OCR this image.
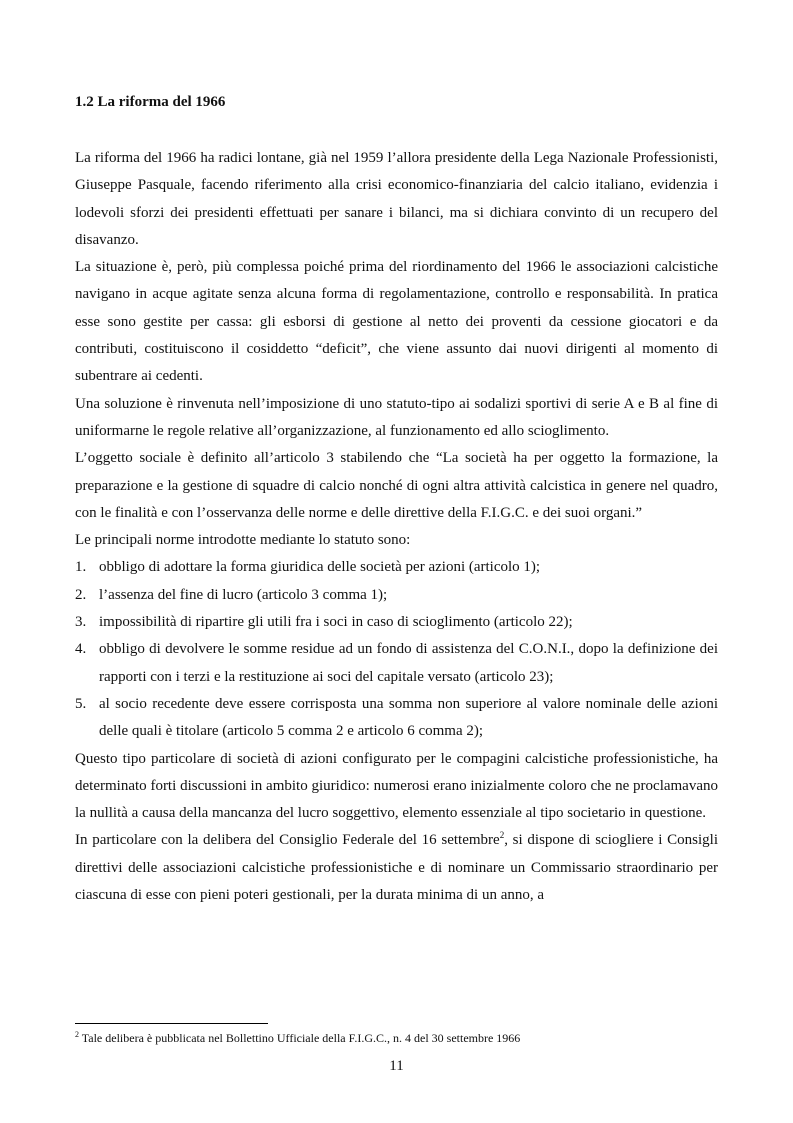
1.2 La riforma del 1966

La riforma del 1966 ha radici lontane, già nel 1959 l’allora presidente della Lega Nazionale Professionisti, Giuseppe Pasquale, facendo riferimento alla crisi economico-finanziaria del calcio italiano, evidenzia i lodevoli sforzi dei presidenti effettuati per sanare i bilanci, ma si dichiara convinto di un recupero del disavanzo.

La situazione è, però, più complessa poiché prima del riordinamento del 1966 le associazioni calcistiche navigano in acque agitate senza alcuna forma di regolamentazione, controllo e responsabilità. In pratica esse sono gestite per cassa: gli esborsi di gestione al netto dei proventi da cessione giocatori e da contributi, costituiscono il cosiddetto “deficit”, che viene assunto dai nuovi dirigenti al momento di subentrare ai cedenti.

Una soluzione è rinvenuta nell’imposizione di uno statuto-tipo ai sodalizi sportivi di serie A e B al fine di uniformarne le regole relative all’organizzazione, al funzionamento ed allo scioglimento.

L’oggetto sociale è definito all’articolo 3 stabilendo che “La società ha per oggetto la formazione, la preparazione e la gestione di squadre di calcio nonché di ogni altra attività calcistica in genere nel quadro, con le finalità e con l’osservanza delle norme e delle direttive della F.I.G.C. e dei suoi organi.”

Le principali norme introdotte mediante lo statuto sono:

1. obbligo di adottare la forma giuridica delle società per azioni (articolo 1);
2. l’assenza del fine di lucro (articolo 3 comma 1);
3. impossibilità di ripartire gli utili fra i soci in caso di scioglimento (articolo 22);
4. obbligo di devolvere le somme residue ad un fondo di assistenza del C.O.N.I., dopo la definizione dei rapporti con i terzi e la restituzione ai soci del capitale versato (articolo 23);
5. al socio recedente deve essere corrisposta una somma non superiore al valore nominale delle azioni delle quali è titolare (articolo 5 comma 2 e articolo 6 comma 2);

Questo tipo particolare di società di azioni configurato per le compagini calcistiche professionistiche, ha determinato forti discussioni in ambito giuridico: numerosi erano inizialmente coloro che ne proclamavano la nullità a causa della mancanza del lucro soggettivo, elemento essenziale al tipo societario in questione.

In particolare con la delibera del Consiglio Federale del 16 settembre$^2$, si dispone di sciogliere i Consigli direttivi delle associazioni calcistiche professionistiche e di nominare un Commissario straordinario per ciascuna di esse con pieni poteri gestionali, per la durata minima di un anno, a

$^2$ Tale delibera è pubblicata nel Bollettino Ufficiale della F.I.G.C., n. 4 del 30 settembre 1966
11
